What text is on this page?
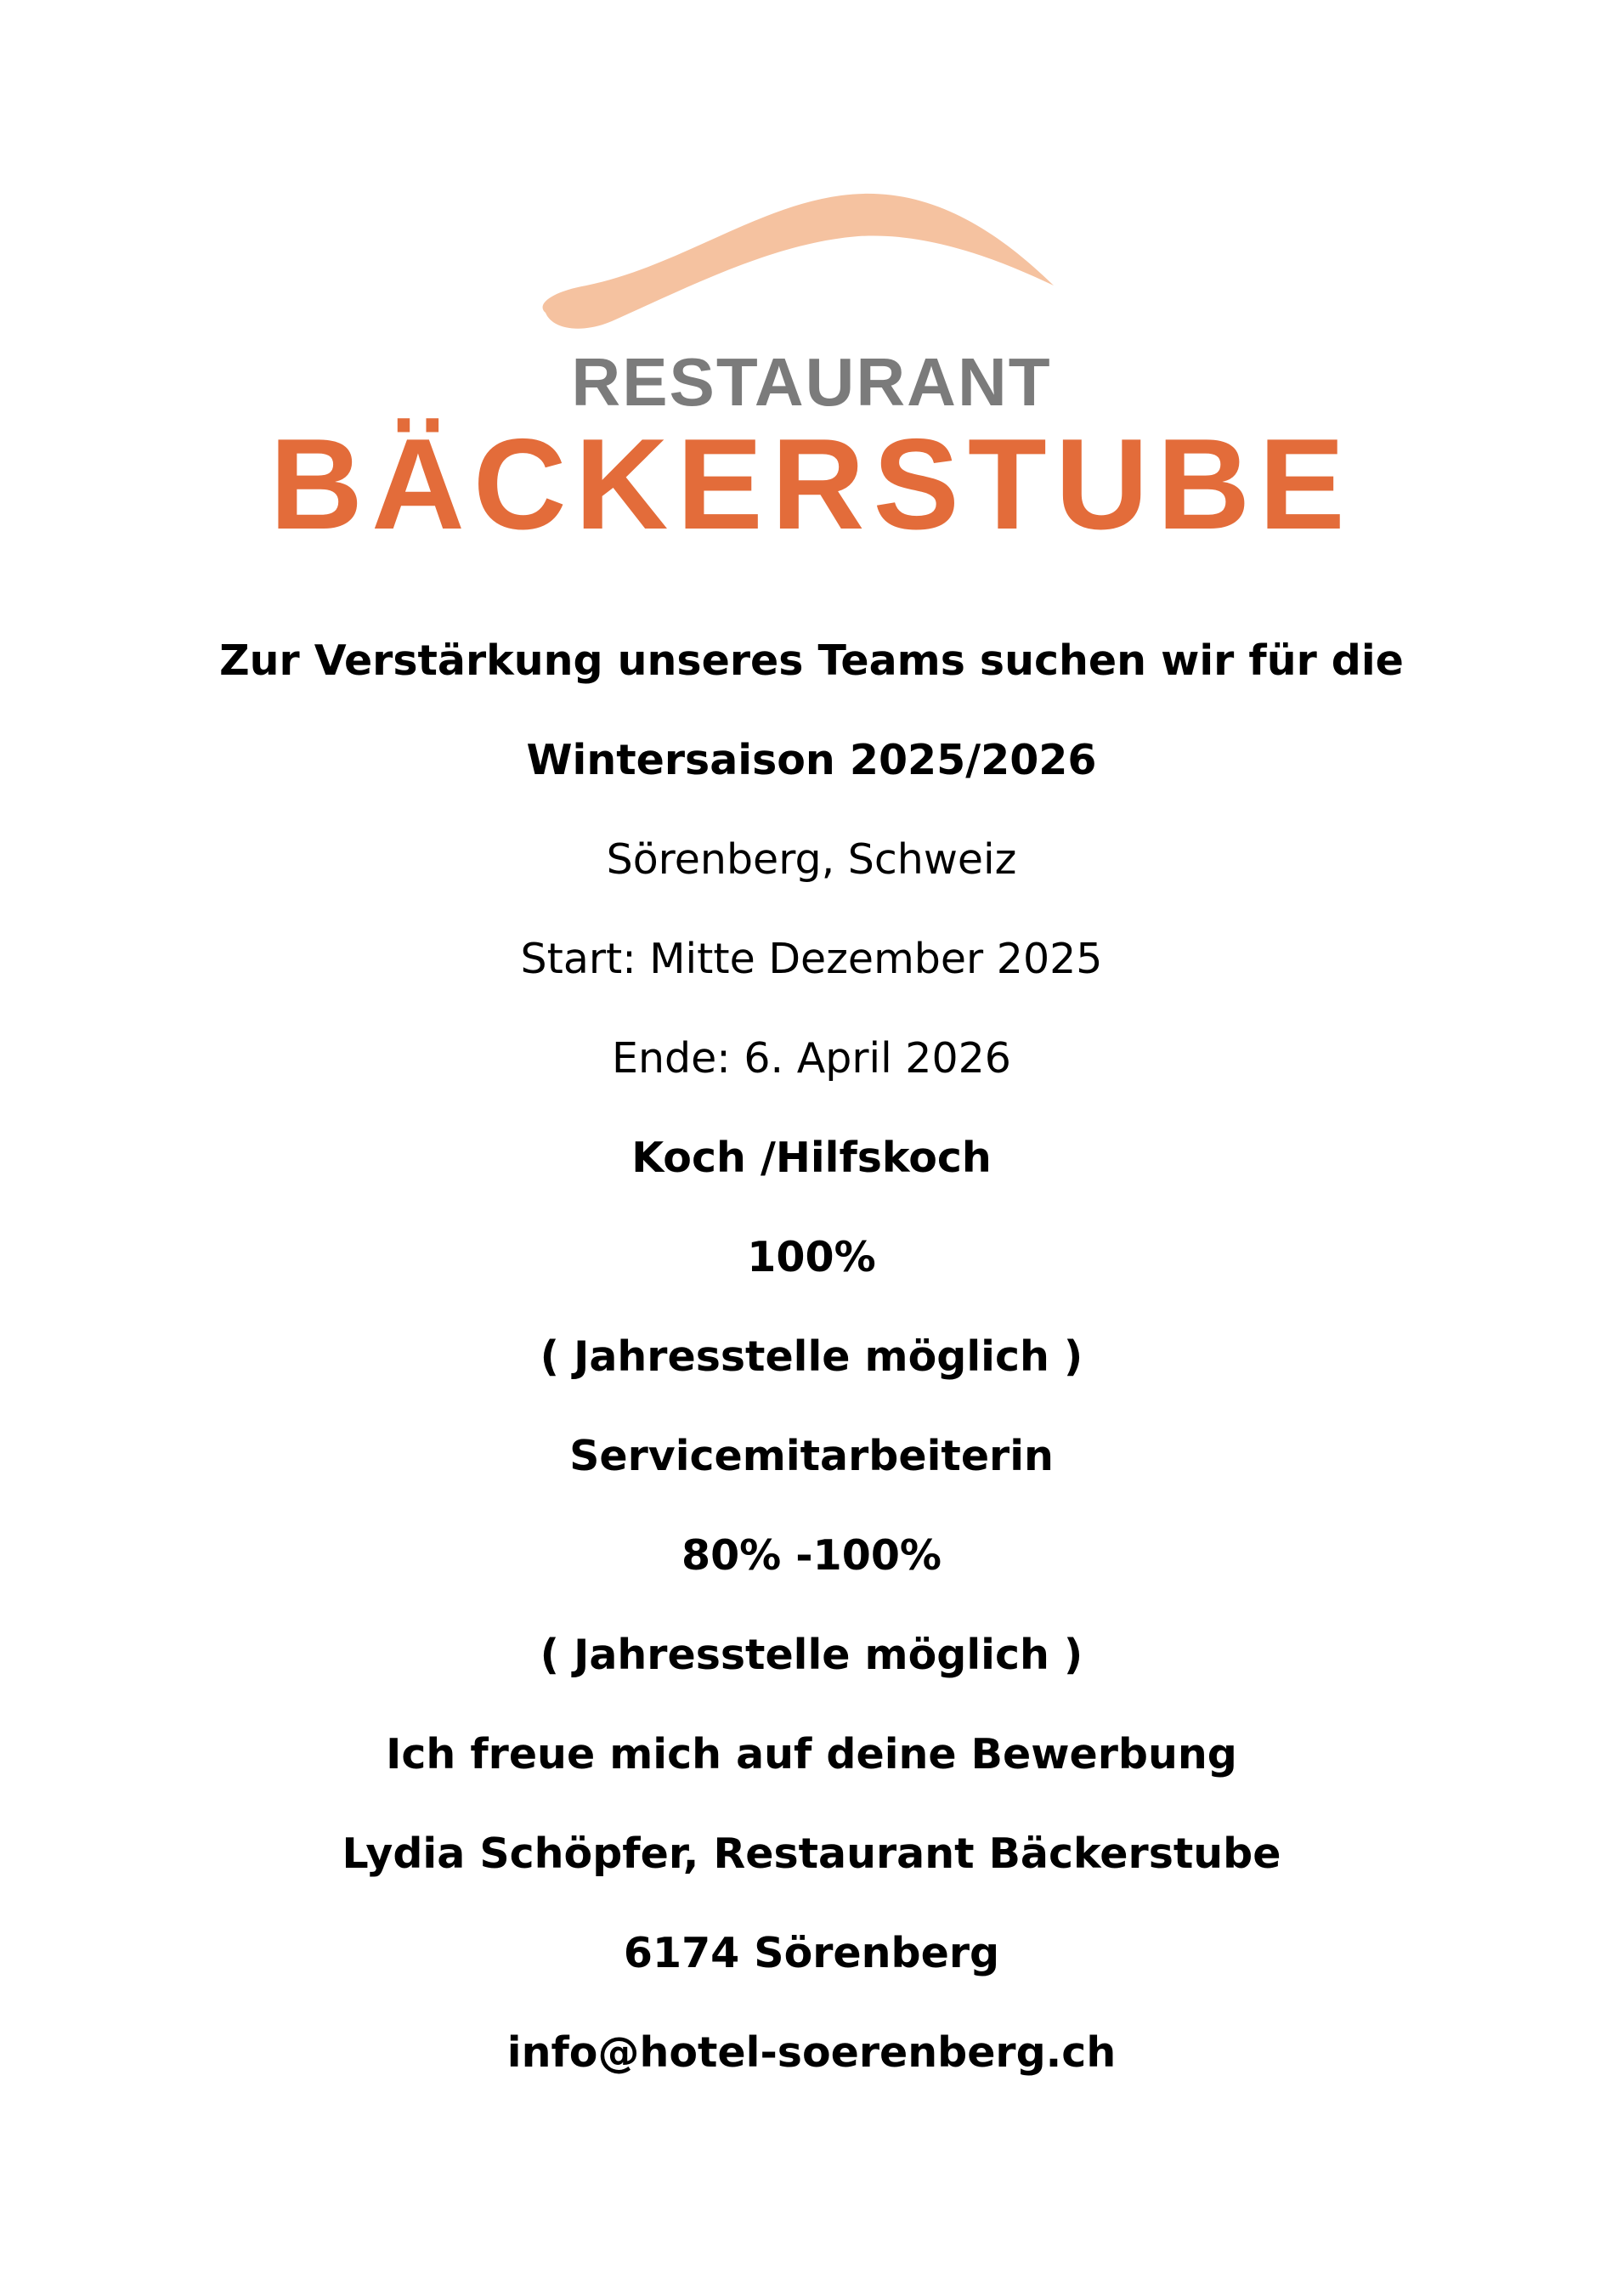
RESTAURANT
BÄCKERSTUBE
Zur Verstärkung unseres Teams suchen wir für die
Wintersaison 2025/2026
Sörenberg, Schweiz
Start: Mitte Dezember 2025
Ende: 6. April 2026
Koch /Hilfskoch
100%
( Jahresstelle möglich )
Servicemitarbeiterin
80% -100%
( Jahresstelle möglich )
Ich freue mich auf deine Bewerbung
Lydia Schöpfer, Restaurant Bäckerstube
6174 Sörenberg
info@hotel-soerenberg.ch
